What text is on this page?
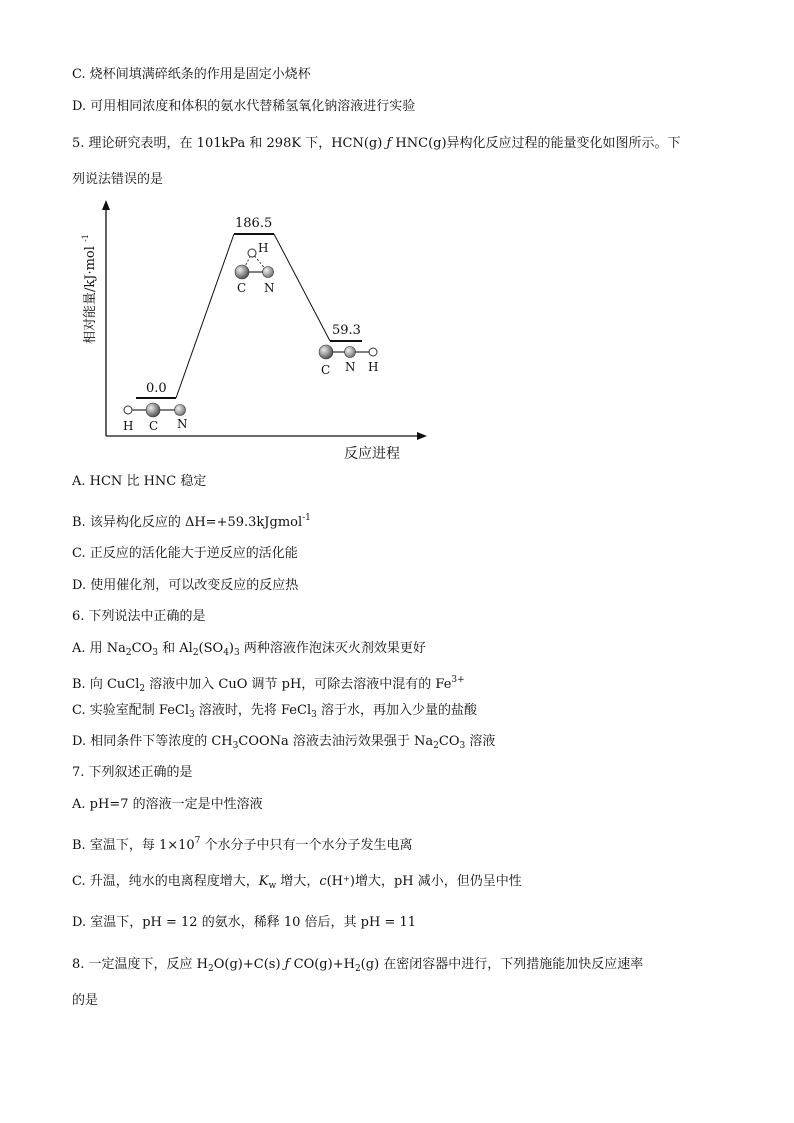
C. 烧杯间填满碎纸条的作用是固定小烧杯
D. 可用相同浓度和体积的氨水代替稀氢氧化钠溶液进行实验
5. 理论研究表明，在 101kPa 和 298K 下，HCN(g) ƒ HNC(g)异构化反应过程的能量变化如图所示。下
列说法错误的是
相对能量/kJ·mol
-1
反应进程
0.0
186.5
59.3
H C N
H
C N
C N H
A. HCN 比 HNC 稳定
B. 该异构化反应的 ΔH=+59.3kJgmol$^{-1}$
C. 正反应的活化能大于逆反应的活化能
D. 使用催化剂，可以改变反应的反应热
6. 下列说法中正确的是
A. 用 $Na_2CO_3$ 和 $Al_2(SO_4)_3$ 两种溶液作泡沫灭火剂效果更好
B. 向 CuCl$_2$ 溶液中加入 CuO 调节 pH，可除去溶液中混有的 $Fe^{3+}$
C. 实验室配制 FeCl$_3$ 溶液时，先将 FeCl$_3$ 溶于水，再加入少量的盐酸
D. 相同条件下等浓度的 $CH_3COONa$ 溶液去油污效果强于 $Na_2CO_3$ 溶液
7. 下列叙述正确的是
A. pH=7 的溶液一定是中性溶液
B. 室温下，每 $1\times 10^7$ 个水分子中只有一个水分子发生电离
C. 升温，纯水的电离程度增大，$K_w$ 增大，c(H⁺)增大，pH 减小，但仍呈中性
D. 室温下，pH = 12 的氨水，稀释 10 倍后，其 pH = 11
8. 一定温度下，反应 $H_2O(g)+C(s)$ ƒ $CO(g)+H_2(g)$ 在密闭容器中进行，下列措施能加快反应速率
的是
